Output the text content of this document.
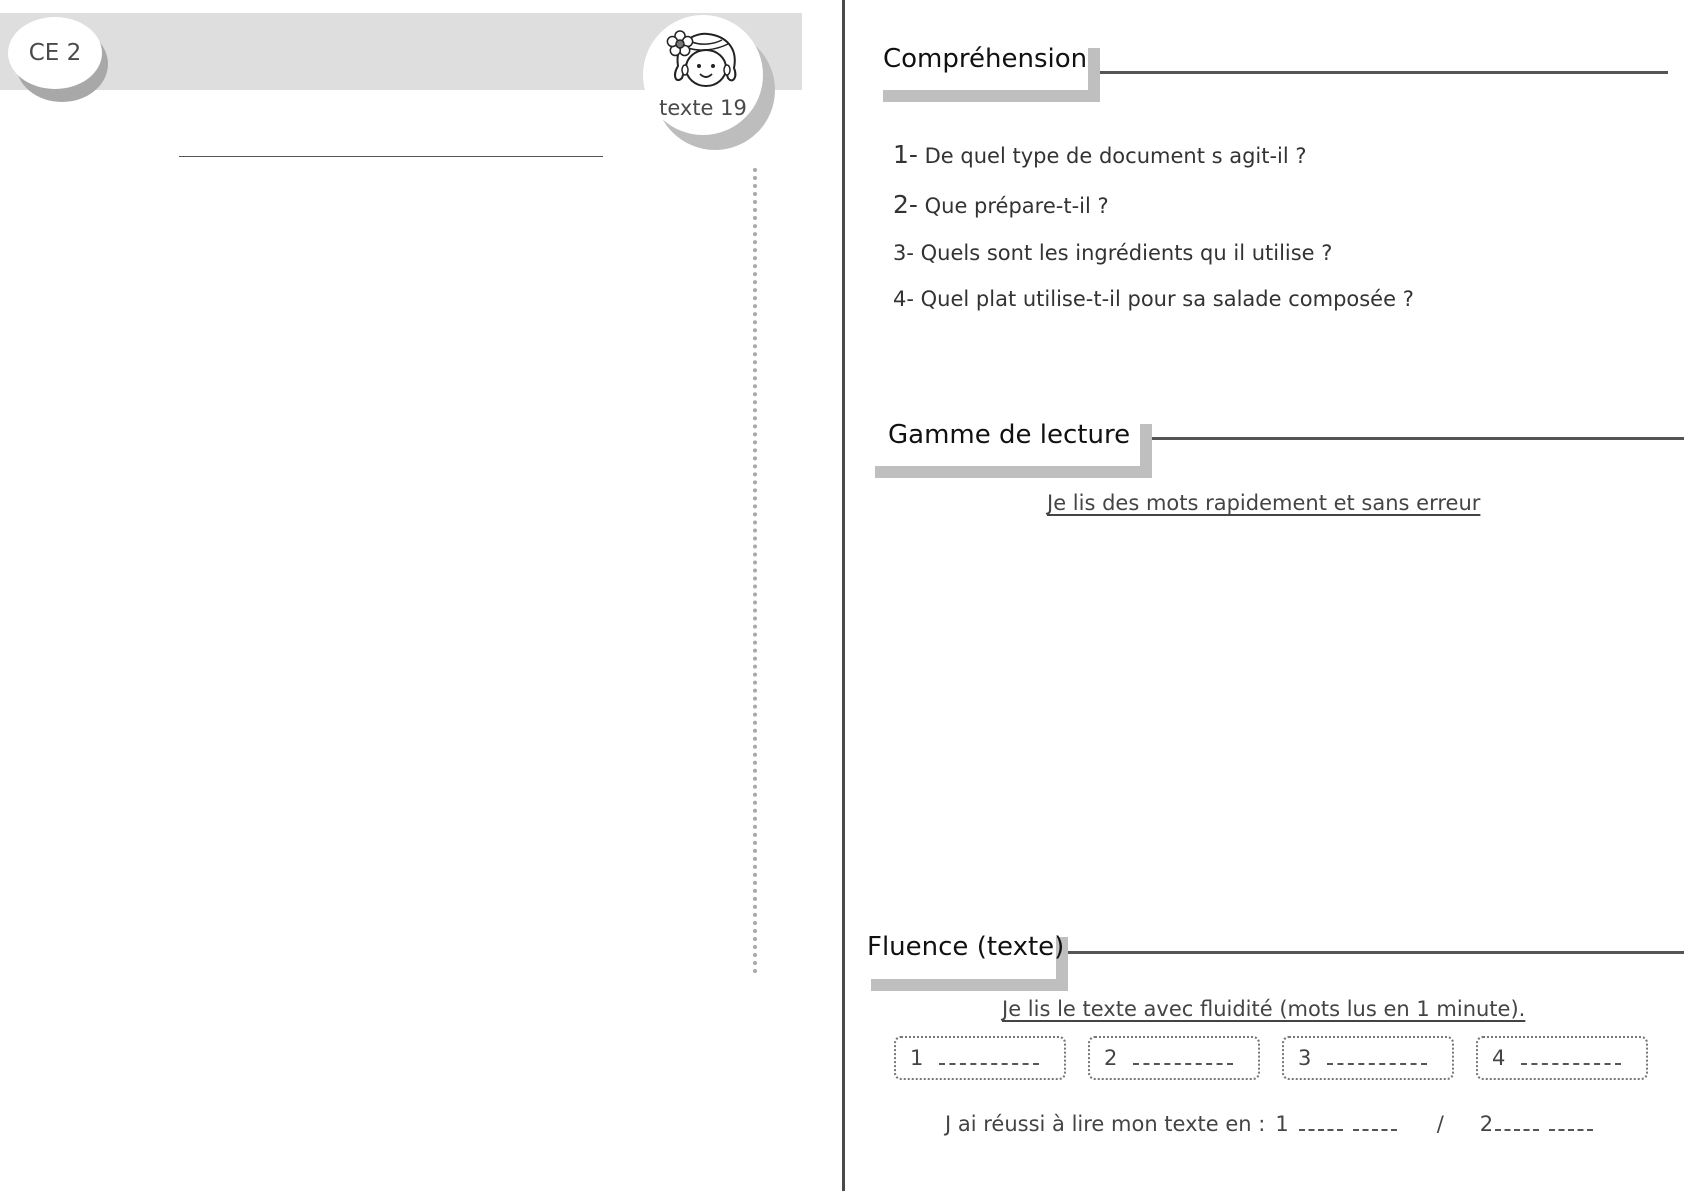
CE 2
texte 19
Compréhension
1- De quel type de document s agit-il ?
2- Que prépare-t-il ?
3- Quels sont les ingrédients qu il utilise ?
4- Quel plat utilise-t-il pour sa salade composée ?
Gamme de lecture
Je lis des mots rapidement et sans erreur
Fluence (texte)
Je lis le texte avec fluidité (mots lus en 1 minute).
1	2	3	4
J ai réussi à lire mon texte en : 1	/ 2
